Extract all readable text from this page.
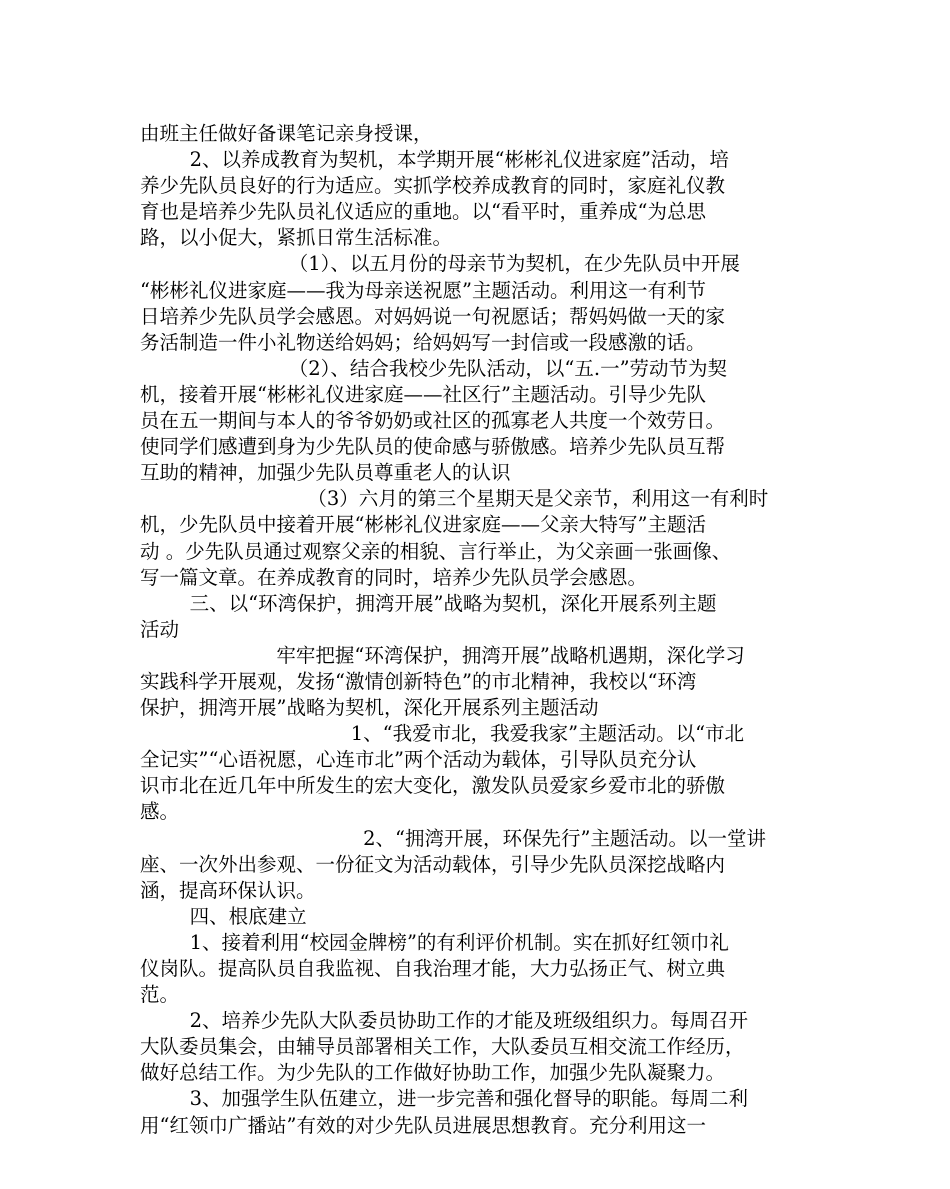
由班主任做好备课笔记亲身授课，
2、以养成教育为契机，本学期开展“彬彬礼仪进家庭”活动，培
养少先队员良好的行为适应。实抓学校养成教育的同时，家庭礼仪教
育也是培养少先队员礼仪适应的重地。以“看平时，重养成“为总思
路，以小促大，紧抓日常生活标准。
（1）、以五月份的母亲节为契机，在少先队员中开展
“彬彬礼仪进家庭——我为母亲送祝愿”主题活动。利用这一有利节
日培养少先队员学会感恩。对妈妈说一句祝愿话；帮妈妈做一天的家
务活制造一件小礼物送给妈妈；给妈妈写一封信或一段感激的话。
（2）、结合我校少先队活动，以“五.一”劳动节为契
机，接着开展“彬彬礼仪进家庭——社区行”主题活动。引导少先队
员在五一期间与本人的爷爷奶奶或社区的孤寡老人共度一个效劳日。
使同学们感遭到身为少先队员的使命感与骄傲感。培养少先队员互帮
互助的精神，加强少先队员尊重老人的认识
（3）六月的第三个星期天是父亲节，利用这一有利时
机，少先队员中接着开展“彬彬礼仪进家庭——父亲大特写”主题活
动 。少先队员通过观察父亲的相貌、言行举止，为父亲画一张画像、
写一篇文章。在养成教育的同时，培养少先队员学会感恩。
三、以“环湾保护，拥湾开展”战略为契机，深化开展系列主题
活动
牢牢把握“环湾保护，拥湾开展”战略机遇期，深化学习
实践科学开展观，发扬“激情创新特色”的市北精神，我校以“环湾
保护，拥湾开展”战略为契机，深化开展系列主题活动
1、“我爱市北，我爱我家”主题活动。以“市北
全记实”“心语祝愿，心连市北”两个活动为载体，引导队员充分认
识市北在近几年中所发生的宏大变化，激发队员爱家乡爱市北的骄傲
感。
2、“拥湾开展，环保先行”主题活动。以一堂讲
座、一次外出参观、一份征文为活动载体，引导少先队员深挖战略内
涵，提高环保认识。
四、根底建立
1、接着利用“校园金牌榜”的有利评价机制。实在抓好红领巾礼
仪岗队。提高队员自我监视、自我治理才能，大力弘扬正气、树立典
范。
2、培养少先队大队委员协助工作的才能及班级组织力。每周召开
大队委员集会，由辅导员部署相关工作，大队委员互相交流工作经历，
做好总结工作。为少先队的工作做好协助工作，加强少先队凝聚力。
3、加强学生队伍建立，进一步完善和强化督导的职能。每周二利
用“红领巾广播站”有效的对少先队员进展思想教育。充分利用这一
